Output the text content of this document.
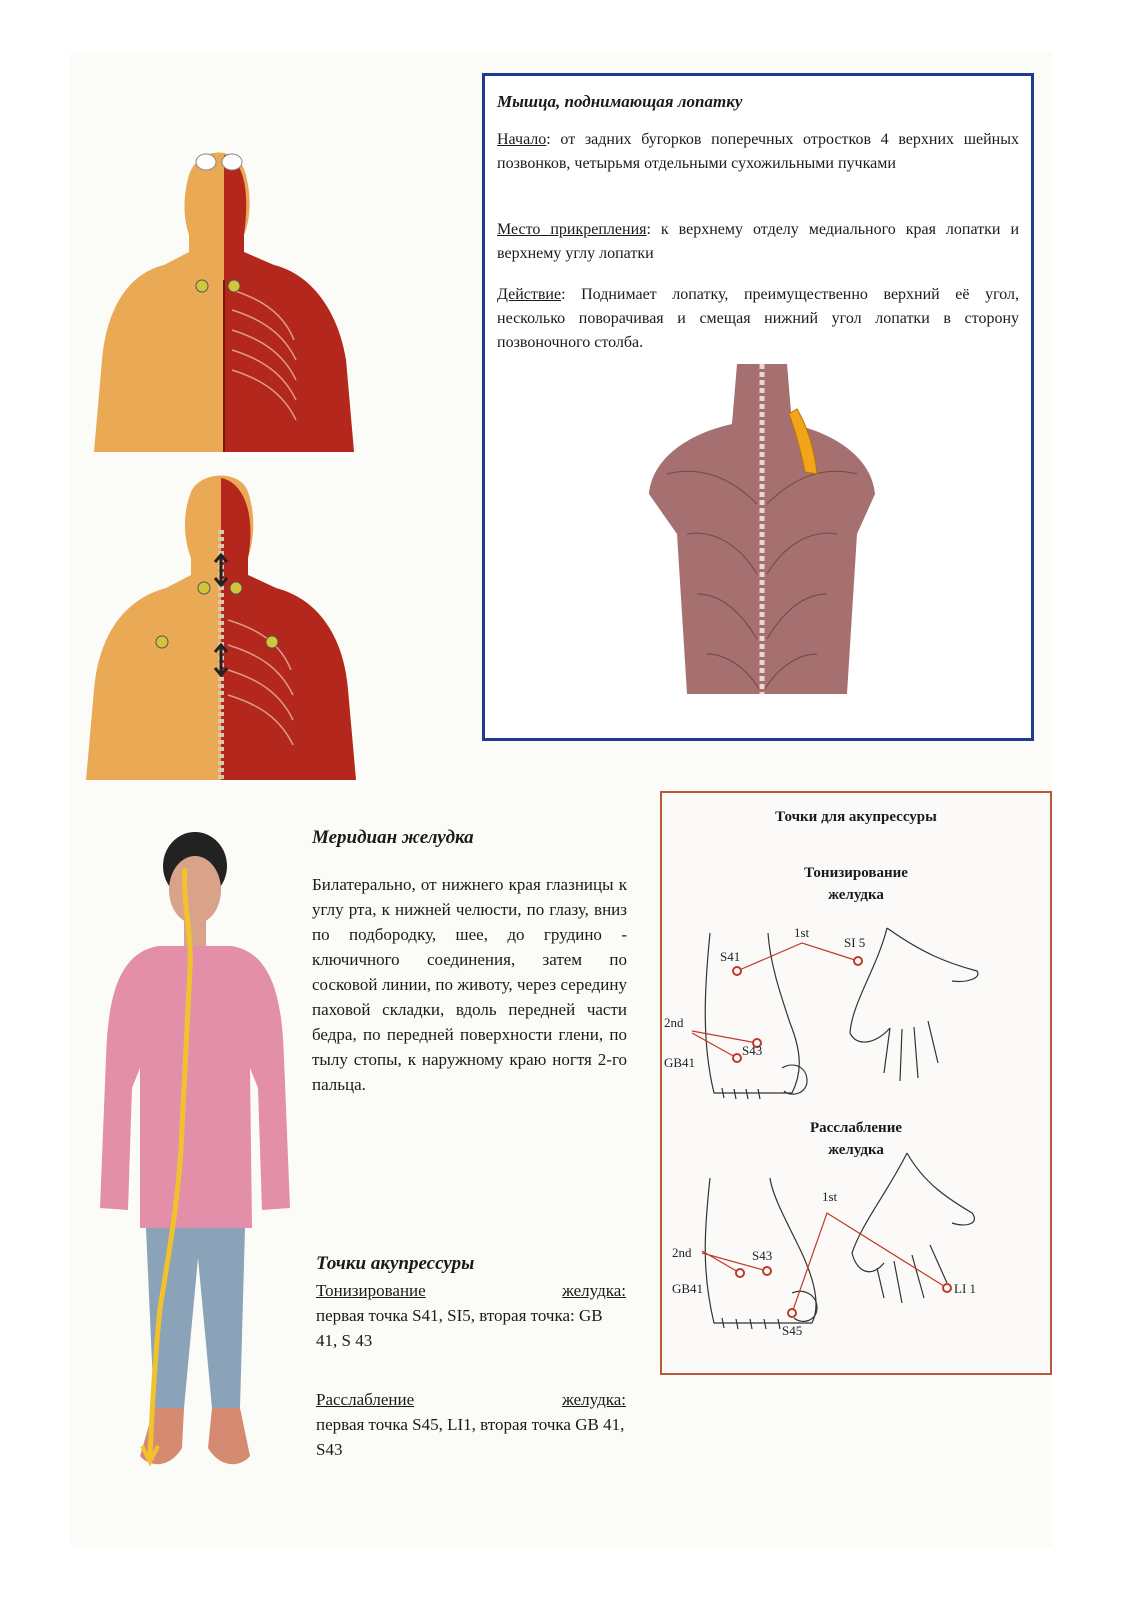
Мышца, поднимающая лопатку

Начало: от задних бугорков поперечных отростков 4 верхних шейных позвонков, четырьмя отдельными сухожильными пучками

Место прикрепления: к верхнему отделу медиального края лопатки и верхнему углу лопатки

Действие: Поднимает лопатку, преимущественно верхний её угол, несколько поворачивая и смещая нижний угол лопатки в сторону позвоночного столба.

Меридиан желудка

Билатерально, от нижнего края глазницы к углу рта, к нижней челюсти, по глазу, вниз по подбородку, шее, до грудино - ключичного соединения, затем по сосковой линии, по животу, через середину паховой складки, вдоль передней части бедра, по передней поверхности глени, по тылу стопы, к наружному краю ногтя 2-го пальца.

Точки акупрессуры
Тонизирование	желудка:

первая точка S41, SI5, вторая точка: GB 41, S 43

Расслабление	желудка:

первая точка S45, LI1, вторая точка GB 41, S43

Точки для акупрессуры
Тонизирование
желудка
Расслабление
желудка
S41
1st
SI 5
2nd
GB41
S43
1st
2nd	S43
GB41
S45
LI 1
